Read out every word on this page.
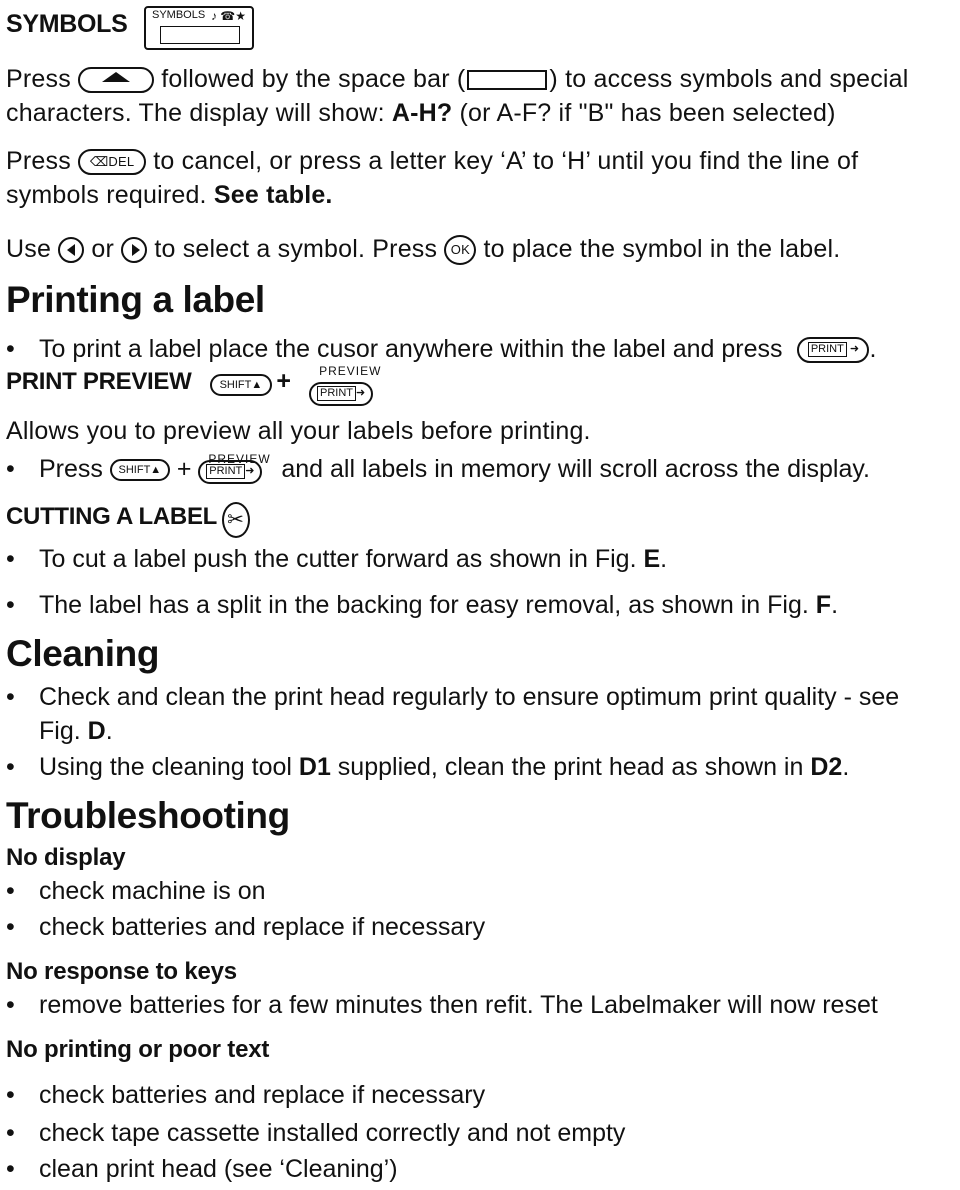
SYMBOLS SYMBOLS ♪ ☎★
Press	followed by the space bar (	) to access symbols and special
characters. The display will show: A-H? (or A-F? if "B" has been selected)
Press ⌫DEL to cancel, or press a letter key ‘A’ to ‘H’ until you find the line of
symbols required. See table.
Use or to select a symbol. Press OK to place the symbol in the label.
Printing a label
• To print a label place the cusor anywhere within the label and press	PRINT ➜ .
PRINT PREVIEW	SHIFT▲ + PREVIEW
PRINT ➜
Allows you to preview all your labels before printing.
• Press SHIFT▲ + PREVIEW
PRINT ➜	and all labels in memory will scroll across the display.
CUTTING A LABEL ✂
• To cut a label push the cutter forward as shown in Fig. E.
• The label has a split in the backing for easy removal, as shown in Fig. F.
Cleaning
• Check and clean the print head regularly to ensure optimum print quality - see
Fig. D.
• Using the cleaning tool D1 supplied, clean the print head as shown in D2.
Troubleshooting
No display
• check machine is on
• check batteries and replace if necessary
No response to keys
• remove batteries for a few minutes then refit. The Labelmaker will now reset
No printing or poor text
• check batteries and replace if necessary
• check tape cassette installed correctly and not empty
• clean print head (see ‘Cleaning’)
